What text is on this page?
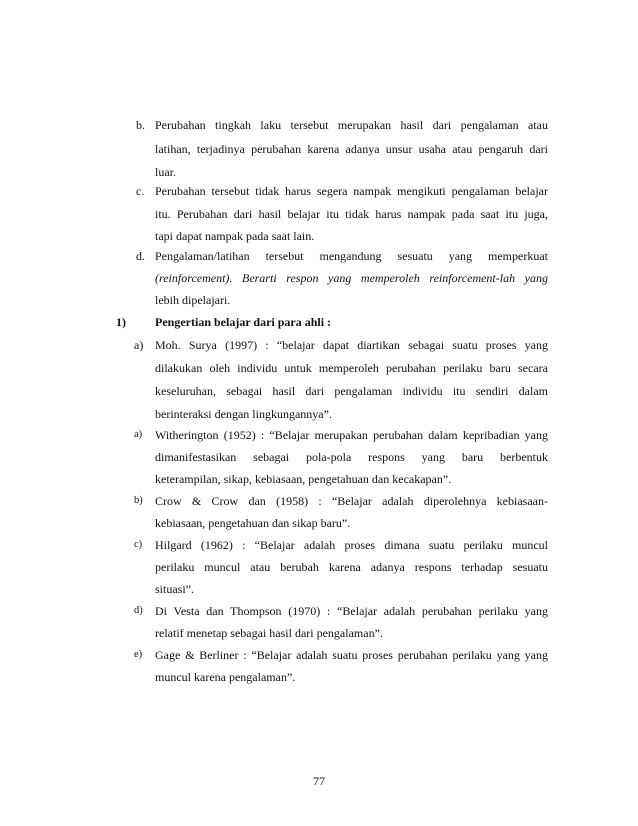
b. Perubahan tingkah laku tersebut merupakan hasil dari pengalaman atau
latihan, terjadinya perubahan karena adanya unsur usaha atau pengaruh dari
luar.
c. Perubahan tersebut tidak harus segera nampak mengikuti pengalaman belajar
itu. Perubahan dari hasil belajar itu tidak harus nampak pada saat itu juga,
tapi dapat nampak pada saat lain.
d. Pengalaman/latihan tersebut mengandung sesuatu yang memperkuat
(reinforcement). Berarti respon yang memperoleh reinforcement-lah yang
lebih dipelajari.
1) Pengertian belajar dari para ahli :
a) Moh. Surya (1997) : “belajar dapat diartikan sebagai suatu proses yang
dilakukan oleh individu untuk memperoleh perubahan perilaku baru secara
keseluruhan, sebagai hasil dari pengalaman individu itu sendiri dalam
berinteraksi dengan lingkungannya”.
a) Witherington (1952) : “Belajar merupakan perubahan dalam kepribadian yang
dimanifestasikan sebagai pola-pola respons yang baru berbentuk
keterampilan, sikap, kebiasaan, pengetahuan dan kecakapan”.
b) Crow & Crow dan (1958) : “Belajar adalah diperolehnya kebiasaan-
kebiasaan, pengetahuan dan sikap baru”.
c) Hilgard (1962) : “Belajar adalah proses dimana suatu perilaku muncul
perilaku muncul atau berubah karena adanya respons terhadap sesuatu
situasi”.
d) Di Vesta dan Thompson (1970) : “Belajar adalah perubahan perilaku yang
relatif menetap sebagai hasil dari pengalaman”.
e) Gage & Berliner : “Belajar adalah suatu proses perubahan perilaku yang yang
muncul karena pengalaman”.
77
